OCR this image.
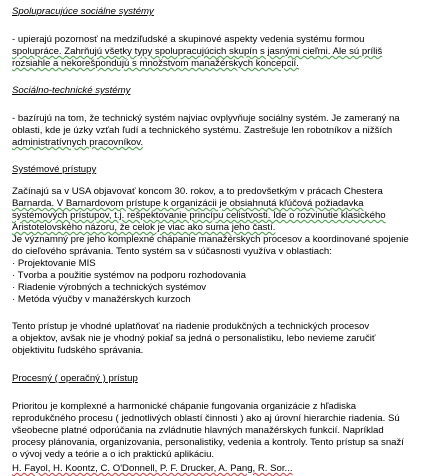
Spolupracujúce sociálne systémy
- upierajú pozornosť na medziľudské a skupinové aspekty vedenia systému formou
spolupráce. Zahrňujú všetky typy spolupracujúcich skupín s jasnými cieľmi. Ale sú príliš
rozsiahle a nekorešpondujú s množstvom manažérskych koncepcií.
Sociálno-technické systémy
- bazírujú na tom, že technický systém najviac ovplyvňuje sociálny systém. Je zameraný na
oblasti, kde je úzky vzťah ľudí a technického systému. Zastrešuje len robotníkov a nižších
administratívnych pracovníkov.
Systémové prístupy
Začínajú sa v USA objavovať koncom 30. rokov, a to predovšetkým v prácach Chestera
Barnarda. V Barnardovom prístupe k organizácii je obsiahnutá kľúčová požiadavka
systémových prístupov, t.j. rešpektovanie princípu celistvosti. Ide o rozvinutie klasického
Aristotelovského názoru, že celok je viac ako suma jeho častí.
Je významný pre jeho komplexné chápanie manažérskych procesov a koordinované spojenie
do cieľového správania. Tento systém sa v súčasnosti využíva v oblastiach:
· Projektovanie MIS
· Tvorba a použitie systémov na podporu rozhodovania
· Riadenie výrobných a technických systémov
· Metóda výučby v manažérskych kurzoch
Tento prístup je vhodné uplatňovať na riadenie produkčných a technických procesov
a objektov, avšak nie je vhodný pokiaľ sa jedná o personalistiku, lebo nevieme zaručiť
objektivitu ľudského správania.
Procesný ( operačný ) prístup
Prioritou je komplexné a harmonické chápanie fungovania organizácie z hľadiska
reprodukčného procesu ( jednotlivých oblastí činnosti ) ako aj úrovní hierarchie riadenia. Sú
všeobecne platné odporúčania na zvládnutie hlavných manažérskych funkcií. Napríklad
procesy plánovania, organizovania, personalistiky, vedenia a kontroly. Tento prístup sa snaží
o vývoj vedy a teórie a o ich praktickú aplikáciu.
H. Fayol, H. Koontz, C. O'Donnell, P. F. Drucker, A. Pang, R. Sor...
